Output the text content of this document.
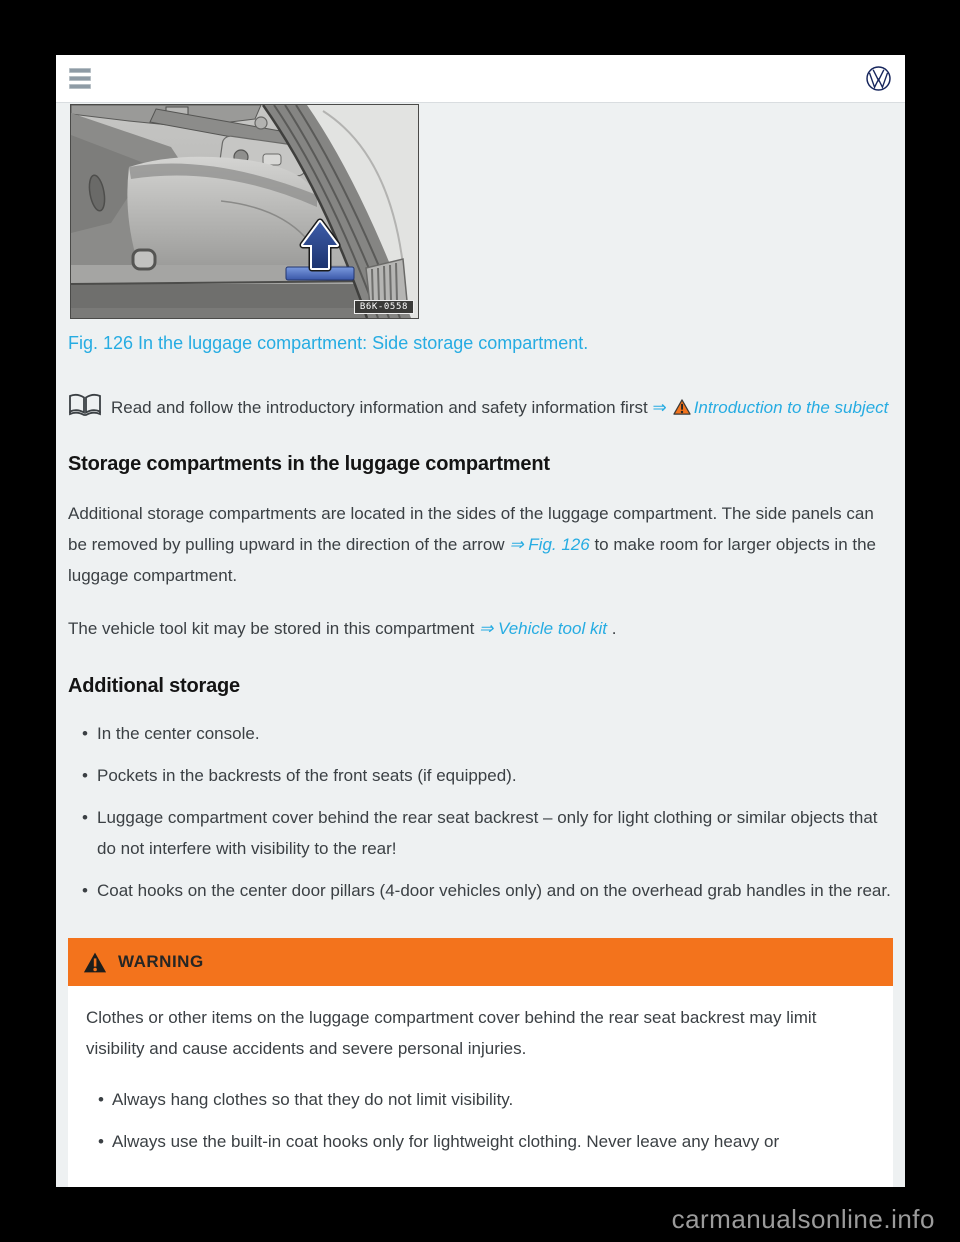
B6K-0558

Fig. 126 In the luggage compartment: Side storage compartment.

Read and follow the introductory information and safety information first ⇒ Introduction to the subject

Storage compartments in the luggage compartment

Additional storage compartments are located in the sides of the luggage compartment. The side panels can be removed by pulling upward in the direction of the arrow ⇒ Fig. 126 to make room for larger objects in the luggage compartment.

The vehicle tool kit may be stored in this compartment ⇒ Vehicle tool kit .

Additional storage
• In the center console.
• Pockets in the backrests of the front seats (if equipped).
• Luggage compartment cover behind the rear seat backrest – only for light clothing or similar objects that do not interfere with visibility to the rear!
• Coat hooks on the center door pillars (4-door vehicles only) and on the overhead grab handles in the rear.
WARNING

Clothes or other items on the luggage compartment cover behind the rear seat backrest may limit visibility and cause accidents and severe personal injuries.

• Always hang clothes so that they do not limit visibility.
• Always use the built-in coat hooks only for lightweight clothing. Never leave any heavy or
carmanualsonline.info
